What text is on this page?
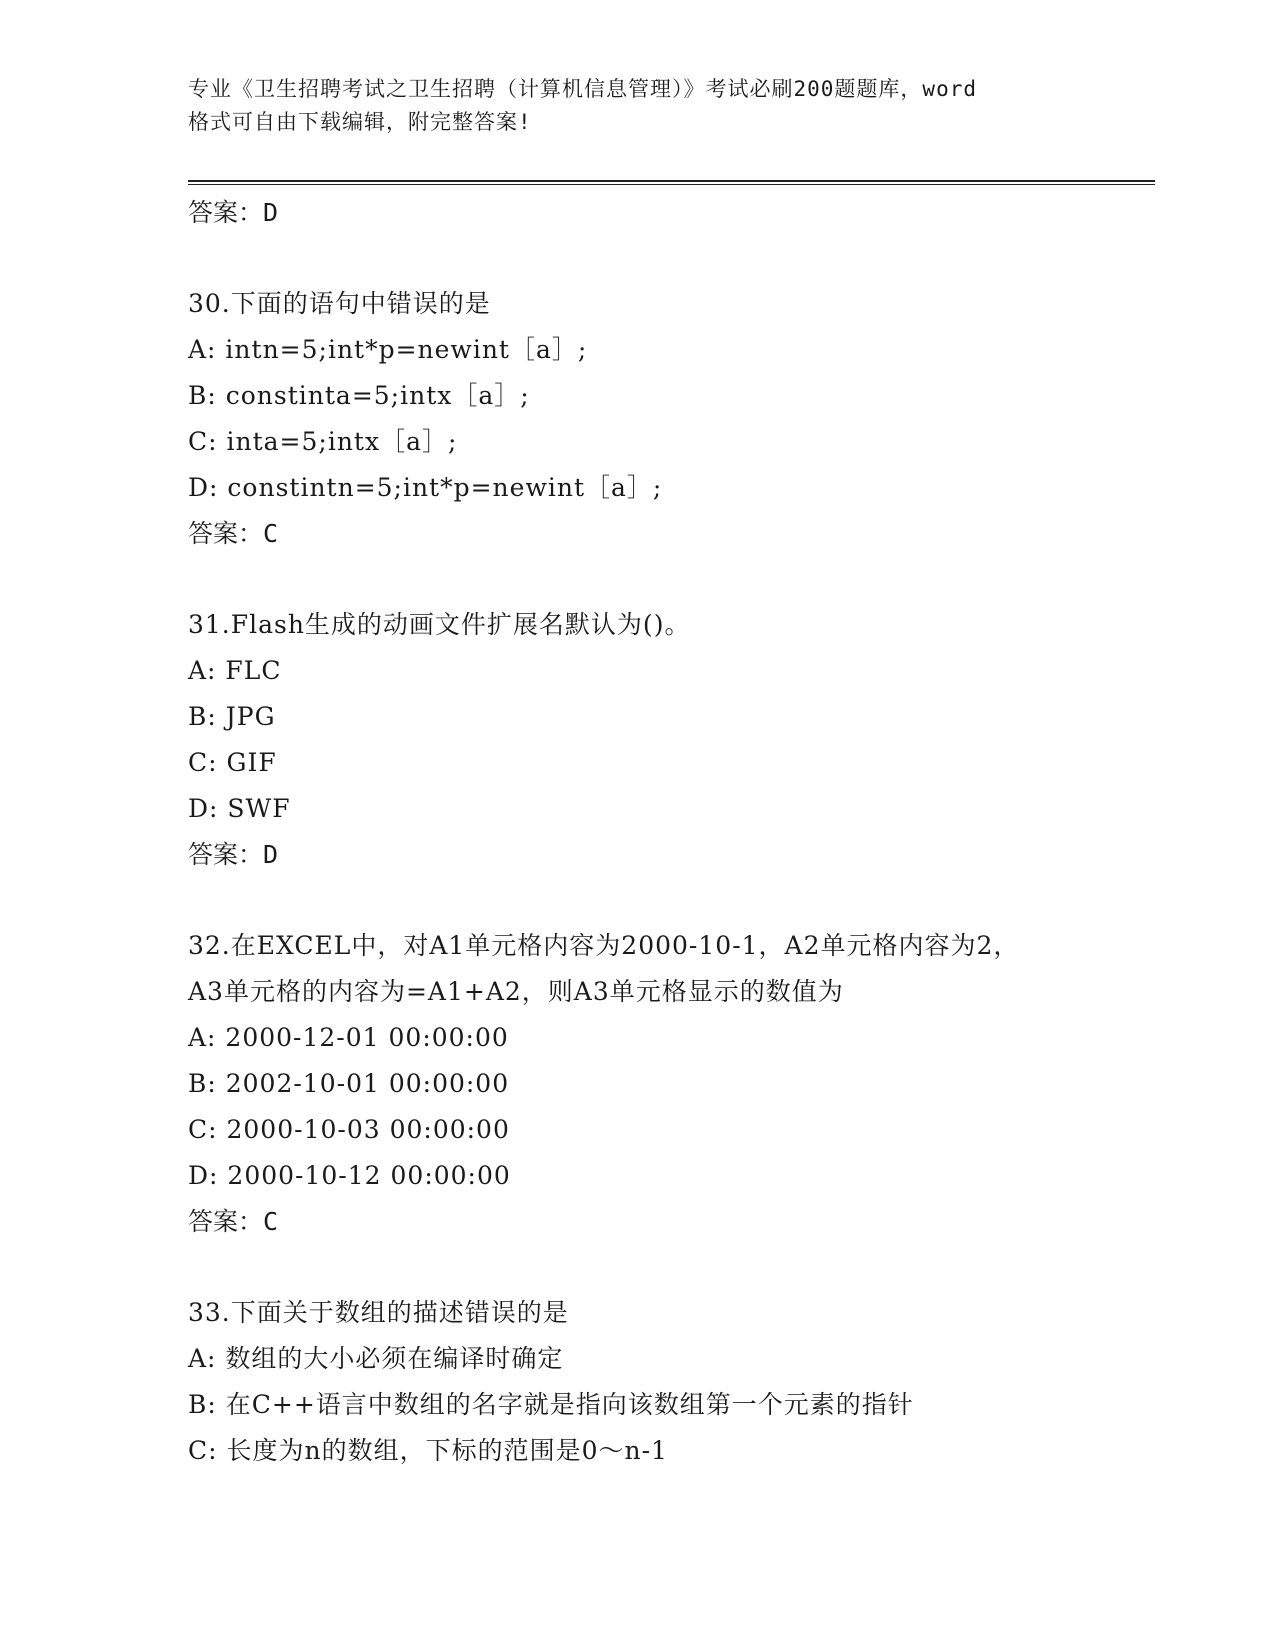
专业《卫生招聘考试之卫生招聘（计算机信息管理）》考试必刷200题题库，word
格式可自由下载编辑，附完整答案!
答案：D
30.下面的语句中错误的是
A: intn=5;int*p=newint［a］;
B: constinta=5;intx［a］;
C: inta=5;intx［a］;
D: constintn=5;int*p=newint［a］;
答案：C
31.Flash生成的动画文件扩展名默认为()。
A: FLC
B: JPG
C: GIF
D: SWF
答案：D
32.在EXCEL中，对A1单元格内容为2000-10-1，A2单元格内容为2，
A3单元格的内容为=A1+A2，则A3单元格显示的数值为
A: 2000-12-01 00:00:00
B: 2002-10-01 00:00:00
C: 2000-10-03 00:00:00
D: 2000-10-12 00:00:00
答案：C
33.下面关于数组的描述错误的是
A: 数组的大小必须在编译时确定
B: 在C++语言中数组的名字就是指向该数组第一个元素的指针
C: 长度为n的数组，下标的范围是0～n-1
